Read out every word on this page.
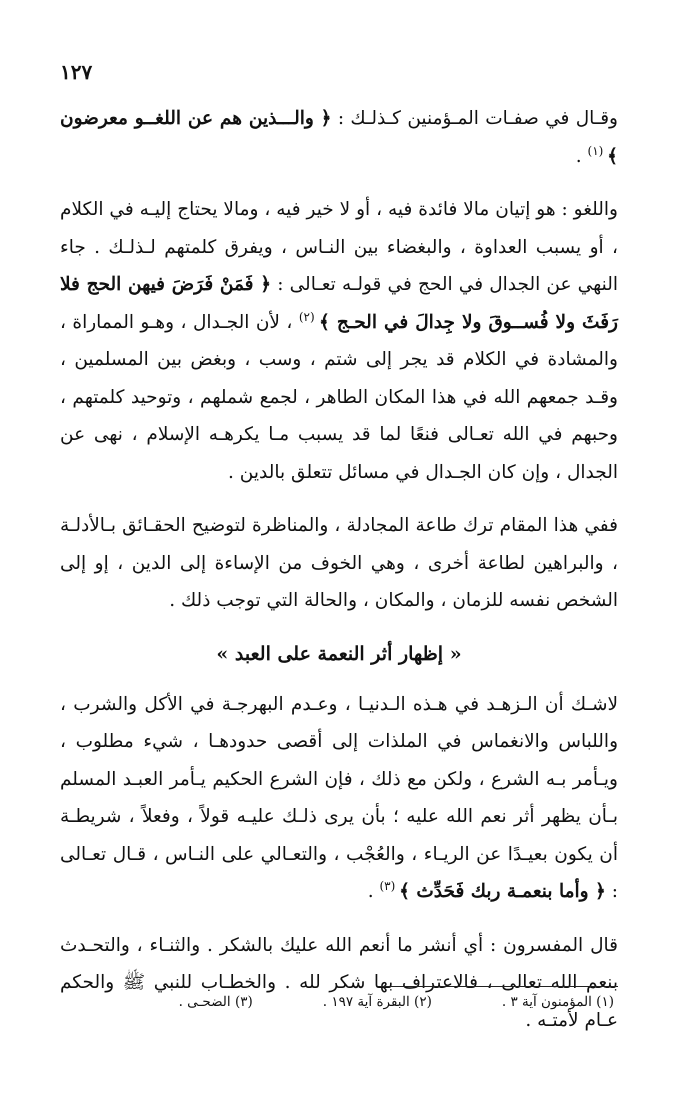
١٢٧

وقـال في صفـات المـؤمنين كـذلـك : ﴿ والـــذين هم عن اللغــو معرضون ﴾ $^{(١)}$ .

واللغو : هو إتيان مالا فائدة فيه ، أو لا خير فيه ، ومالا يحتاج إليـه في الكلام ، أو يسبب العداوة ، والبغضاء بين النـاس ، ويفرق كلمتهم لـذلـك . جاء النهي عن الجدال في الحج في قولـه تعـالى : ﴿ فَمَنْ فَرَضَ فيهن الحج فلا رَفَثَ ولا فُســوقَ ولا جِدالَ في الحـج ﴾ $^{(٢)}$ ، لأن الجـدال ، وهـو المماراة ، والمشادة في الكلام قد يجر إلى شتم ، وسب ، وبغض بين المسلمين ، وقـد جمعهم الله في هذا المكان الطاهر ، لجمع شملهم ، وتوحيد كلمتهم ، وحبهم في الله تعـالى فنعًا لما قد يسبب مـا يكرهـه الإسلام ، نهى عن الجدال ، وإن كان الجـدال في مسائل تتعلق بالدين .

ففي هذا المقام ترك طاعة المجادلة ، والمناظرة لتوضيح الحقـائق بـالأدلـة ، والبراهين لطاعة أخرى ، وهي الخوف من الإساءة إلى الدين ، إو إلى الشخص نفسه للزمان ، والمكان ، والحالة التي توجب ذلك .

« إظهار أثر النعمة على العبد »

لاشـك أن الـزهـد في هـذه الـدنيـا ، وعـدم البهرجـة في الأكل والشرب ، واللباس والانغماس في الملذات إلى أقصى حدودهـا ، شيء مطلوب ، ويـأمر بـه الشرع ، ولكن مع ذلك ، فإن الشرع الحكيم يـأمر العبـد المسلم بـأن يظهر أثر نعم الله عليه ؛ بأن يرى ذلـك عليـه قولاً ، وفعلاً ، شريطـة أن يكون بعيـدًا عن الريـاء ، والعُجْب ، والتعـالي على النـاس ، قـال تعـالى : ﴿ وأما بنعمـة ربك فَحَدِّث ﴾ $^{(٣)}$ .

قال المفسرون : أي أنشر ما أنعم الله عليك بالشكر . والثنـاء ، والتحـدث بنعم الله تعالى ، فالاعتراف بها شكر لله . والخطـاب للنبي ﷺ والحكم عـام لأمتـه .

(١) المؤمنون آية ٣ .
(٢) البقرة آية ١٩٧ .
(٣) الضحـى .
